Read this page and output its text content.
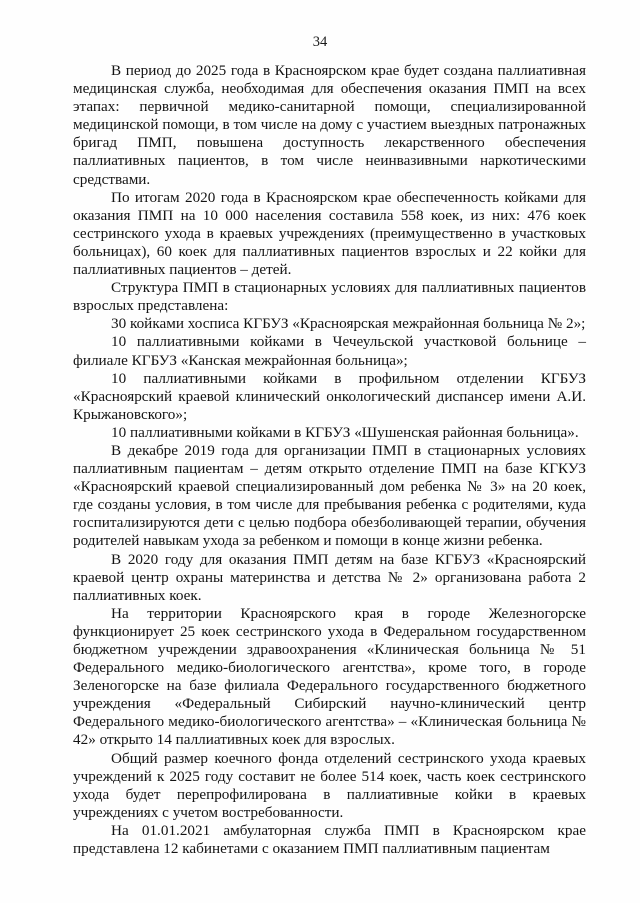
34

В период до 2025 года в Красноярском крае будет создана паллиативная медицинская служба, необходимая для обеспечения оказания ПМП на всех этапах: первичной медико-санитарной помощи, специализированной медицинской помощи, в том числе на дому с участием выездных патронажных бригад ПМП, повышена доступность лекарственного обеспечения паллиативных пациентов, в том числе неинвазивными наркотическими средствами.

По итогам 2020 года в Красноярском крае обеспеченность койками для оказания ПМП на 10 000 населения составила 558 коек, из них: 476 коек сестринского ухода в краевых учреждениях (преимущественно в участковых больницах), 60 коек для паллиативных пациентов взрослых и 22 койки для паллиативных пациентов – детей.

Структура ПМП в стационарных условиях для паллиативных пациентов взрослых представлена:

30 койками хосписа КГБУЗ «Красноярская межрайонная больница № 2»;

10 паллиативными койками в Чечеульской участковой больнице – филиале КГБУЗ «Канская межрайонная больница»;

10 паллиативными койками в профильном отделении КГБУЗ «Красноярский краевой клинический онкологический диспансер имени А.И. Крыжановского»;

10 паллиативными койками в КГБУЗ «Шушенская районная больница».

В декабре 2019 года для организации ПМП в стационарных условиях паллиативным пациентам – детям открыто отделение ПМП на базе КГКУЗ «Красноярский краевой специализированный дом ребенка № 3» на 20 коек, где созданы условия, в том числе для пребывания ребенка с родителями, куда госпитализируются дети с целью подбора обезболивающей терапии, обучения родителей навыкам ухода за ребенком и помощи в конце жизни ребенка.

В 2020 году для оказания ПМП детям на базе КГБУЗ «Красноярский краевой центр охраны материнства и детства № 2» организована работа 2 паллиативных коек.

На территории Красноярского края в городе Железногорске функционирует 25 коек сестринского ухода в Федеральном государственном бюджетном учреждении здравоохранения «Клиническая больница № 51 Федерального медико-биологического агентства», кроме того, в городе Зеленогорске на базе филиала Федерального государственного бюджетного учреждения «Федеральный Сибирский научно-клинический центр Федерального медико-биологического агентства» – «Клиническая больница № 42» открыто 14 паллиативных коек для взрослых.

Общий размер коечного фонда отделений сестринского ухода краевых учреждений к 2025 году составит не более 514 коек, часть коек сестринского ухода будет перепрофилирована в паллиативные койки в краевых учреждениях с учетом востребованности.

На 01.01.2021 амбулаторная служба ПМП в Красноярском крае представлена 12 кабинетами с оказанием ПМП паллиативным пациентам
